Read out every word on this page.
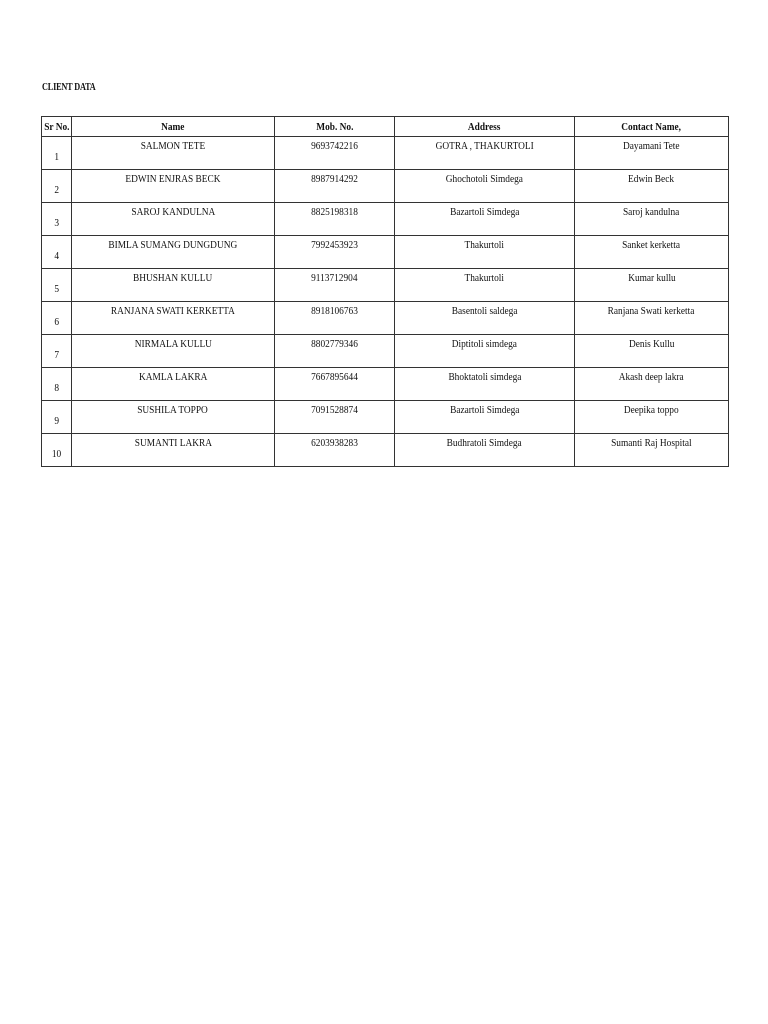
CLIENT DATA
Sr No.	Name	Mob. No.	Address	Contact Name,
1	SALMON TETE	9693742216	GOTRA , THAKURTOLI	Dayamani Tete
2	EDWIN ENJRAS BECK	8987914292	Ghochotoli Simdega	Edwin Beck
3	SAROJ KANDULNA	8825198318	Bazartoli Simdega	Saroj kandulna
4	BIMLA SUMANG DUNGDUNG	7992453923	Thakurtoli	Sanket kerketta
5	BHUSHAN KULLU	9113712904	Thakurtoli	Kumar kullu
6	RANJANA SWATI KERKETTA	8918106763	Basentoli saldega	Ranjana Swati kerketta
7	NIRMALA KULLU	8802779346	Diptitoli simdega	Denis Kullu
8	KAMLA LAKRA	7667895644	Bhoktatoli simdega	Akash deep lakra
9	SUSHILA TOPPO	7091528874	Bazartoli Simdega	Deepika toppo
10	SUMANTI LAKRA	6203938283	Budhratoli Simdega	Sumanti Raj Hospital
